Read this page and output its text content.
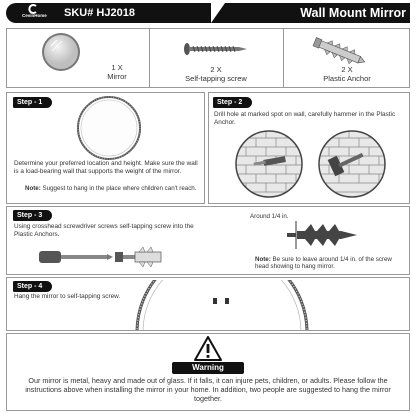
CevinHome SKU# HJ2018	Wall Mount Mirror
1 X
Mirror
2 X
Self-tapping screw
2 X
Plastic Anchor
Step - 1
Determine your preferred location and height. Make sure the wall is a load-bearing wall that supports the weight of the mirror.
Note: Suggest to hang in the place where children can't reach.
Step - 2
Drill hole at marked spot on wall, carefully hammer in the Plastic Anchor.
Step - 3
Using crosshead screwdriver screws self-tapping screw into the Plastic Anchors.
Around 1/4 in.
Note: Be sure to leave around 1/4 in. of the screw head showing to hang mirror.
Step - 4
Hang the mirror to self-tapping screw.
Warning
Our mirror is metal, heavy and made out of glass. If it falls, it can injure pets, children, or adults. Please follow the instructions above when installing the mirror in your home. In addition, two people are suggested to hang the mirror together.
